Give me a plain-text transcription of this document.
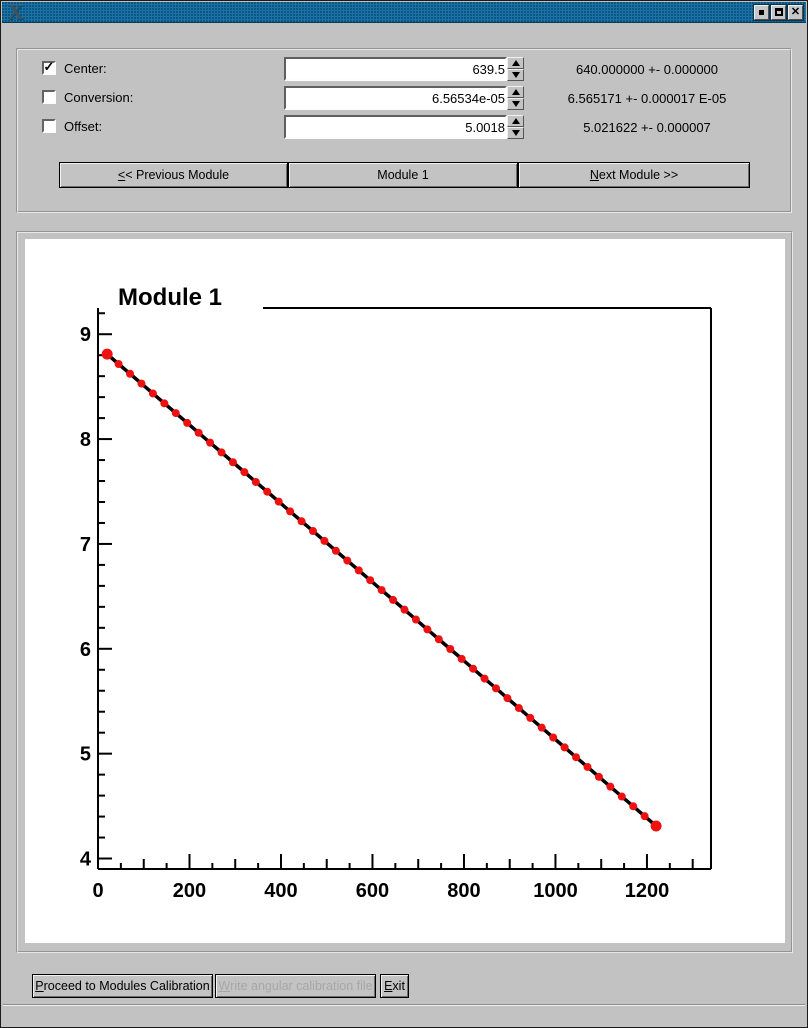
X	✕
✓ Center:
639.5	640.000000 +- 0.000000
Conversion:
6.56534e-05	6.565171 +- 0.000017 E-05
Offset:
5.0018	5.021622 +- 0.000007
< < Previous Module	Module 1	N ext Module >>
0	200	400	600	800	1000 1200
4
5
6
7
8
9
Module 1
P roceed to Modules Calibration W rite angular calibration file E xit
